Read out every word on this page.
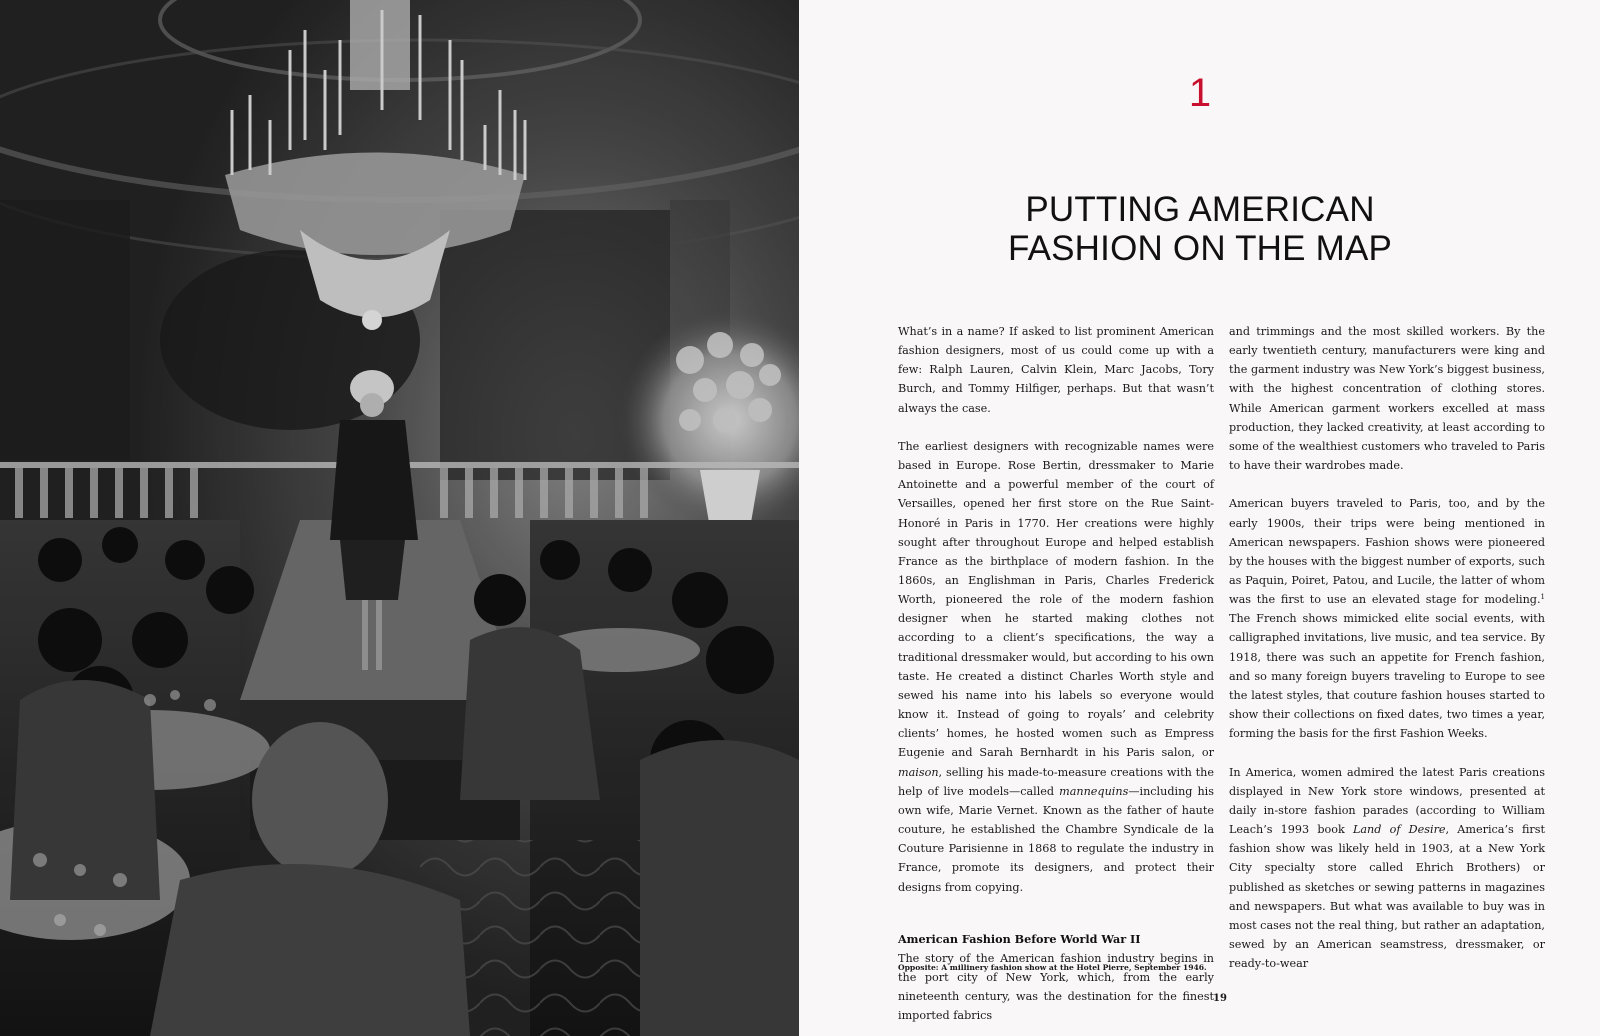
1
PUTTING AMERICAN
FASHION ON THE MAP

What’s in a name? If asked to list prominent American fashion designers, most of us could come up with a few: Ralph Lauren, Calvin Klein, Marc Jacobs, Tory Burch, and Tommy Hilfiger, perhaps. But that wasn’t always the case.

The earliest designers with recognizable names were based in Europe. Rose Bertin, dressmaker to Marie Antoinette and a powerful member of the court of Versailles, opened her first store on the Rue Saint-Honoré in Paris in 1770. Her creations were highly sought after throughout Europe and helped establish France as the birthplace of modern fashion. In the 1860s, an Englishman in Paris, Charles Frederick Worth, pioneered the role of the modern fashion designer when he started making clothes not according to a client’s specifications, the way a traditional dressmaker would, but according to his own taste. He created a distinct Charles Worth style and sewed his name into his labels so everyone would know it. Instead of going to royals’ and celebrity clients’ homes, he hosted women such as Empress Eugenie and Sarah Bernhardt in his Paris salon, or maison, selling his made-to-measure creations with the help of live models—called mannequins—including his own wife, Marie Vernet. Known as the father of haute couture, he established the Chambre Syndicale de la Couture Parisienne in 1868 to regulate the industry in France, promote its designers, and protect their designs from copying.

American Fashion Before World War II

The story of the American fashion industry begins in the port city of New York, which, from the early nineteenth century, was the destination for the finest imported fabrics

and trimmings and the most skilled workers. By the early twentieth century, manufacturers were king and the garment industry was New York’s biggest business, with the highest concentration of clothing stores. While American garment workers excelled at mass production, they lacked creativity, at least according to some of the wealthiest customers who traveled to Paris to have their wardrobes made.

American buyers traveled to Paris, too, and by the early 1900s, their trips were being mentioned in American newspapers. Fashion shows were pioneered by the houses with the biggest number of exports, such as Paquin, Poiret, Patou, and Lucile, the latter of whom was the first to use an elevated stage for modeling.$^1$ The French shows mimicked elite social events, with calligraphed invitations, live music, and tea service. By 1918, there was such an appetite for French fashion, and so many foreign buyers traveling to Europe to see the latest styles, that couture fashion houses started to show their collections on fixed dates, two times a year, forming the basis for the first Fashion Weeks.

In America, women admired the latest Paris creations displayed in New York store windows, presented at daily in-store fashion parades (according to William Leach’s 1993 book Land of Desire, America’s first fashion show was likely held in 1903, at a New York City specialty store called Ehrich Brothers) or published as sketches or sewing patterns in magazines and newspapers. But what was available to buy was in most cases not the real thing, but rather an adaptation, sewed by an American seamstress, dressmaker, or ready-to-wear

Opposite: A millinery fashion show at the Hotel Pierre, September 1946.
19
